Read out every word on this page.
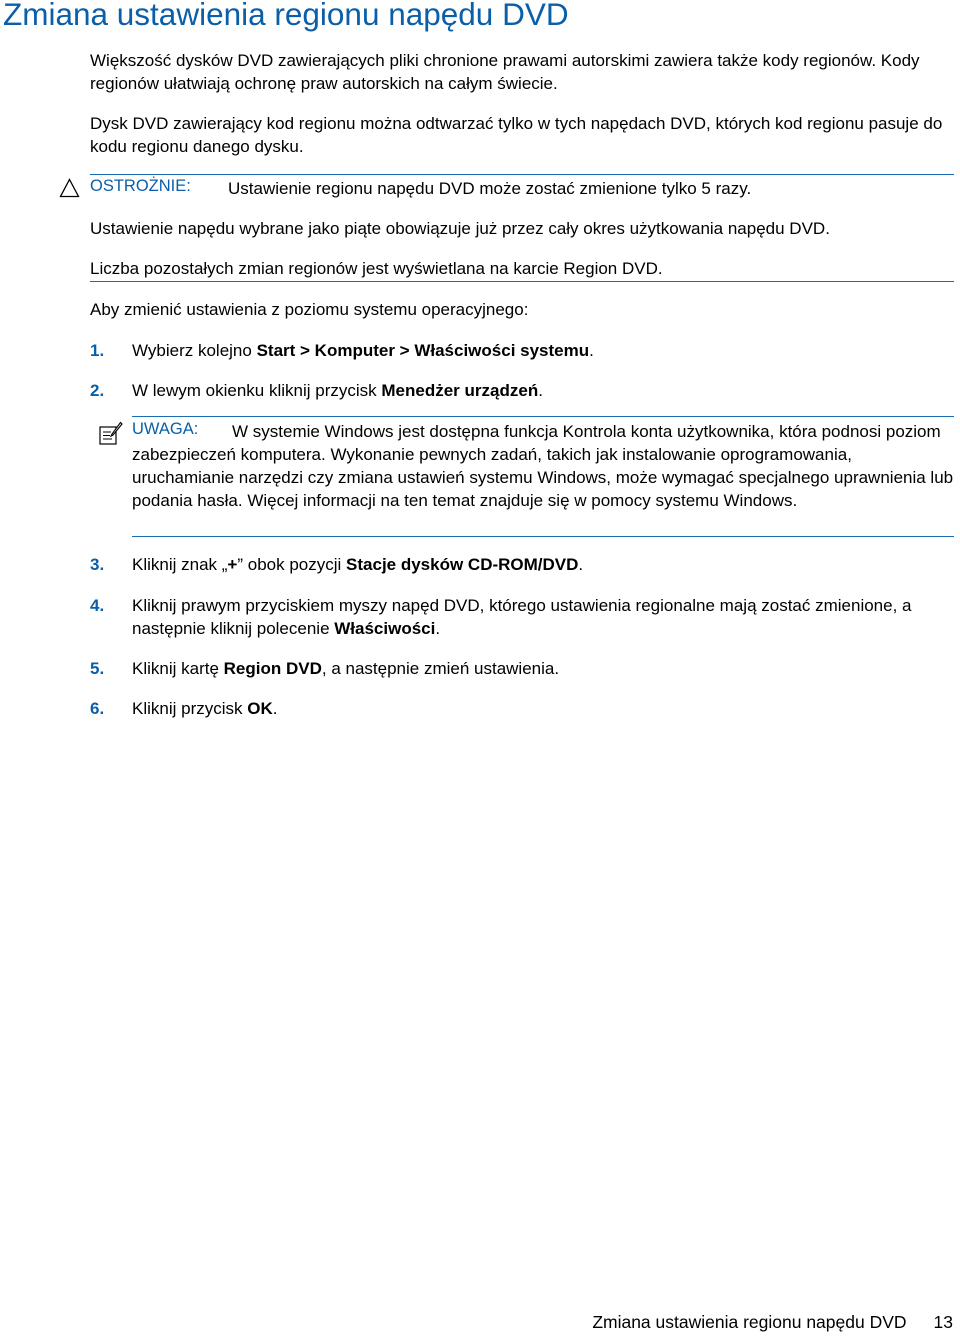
Zmiana ustawienia regionu napędu DVD

Większość dysków DVD zawierających pliki chronione prawami autorskimi zawiera także kody regionów. Kody regionów ułatwiają ochronę praw autorskich na całym świecie.

Dysk DVD zawierający kod regionu można odtwarzać tylko w tych napędach DVD, których kod regionu pasuje do kodu regionu danego dysku.

OSTROŻNIE: Ustawienie regionu napędu DVD może zostać zmienione tylko 5 razy.

Ustawienie napędu wybrane jako piąte obowiązuje już przez cały okres użytkowania napędu DVD.

Liczba pozostałych zmian regionów jest wyświetlana na karcie Region DVD.

Aby zmienić ustawienia z poziomu systemu operacyjnego:

1. Wybierz kolejno Start > Komputer > Właściwości systemu.
2. W lewym okienku kliknij przycisk Menedżer urządzeń.
UWAGA:	W systemie Windows jest dostępna funkcja Kontrola konta użytkownika, która podnosi poziom zabezpieczeń komputera. Wykonanie pewnych zadań, takich jak instalowanie oprogramowania, uruchamianie narzędzi czy zmiana ustawień systemu Windows, może wymagać specjalnego uprawnienia lub podania hasła. Więcej informacji na ten temat znajduje się w pomocy systemu Windows.

3. Kliknij znak „+” obok pozycji Stacje dysków CD-ROM/DVD.
4. Kliknij prawym przyciskiem myszy napęd DVD, którego ustawienia regionalne mają zostać zmienione, a następnie kliknij polecenie Właściwości.
5. Kliknij kartę Region DVD, a następnie zmień ustawienia.
6. Kliknij przycisk OK.

Zmiana ustawienia regionu napędu DVD 13
